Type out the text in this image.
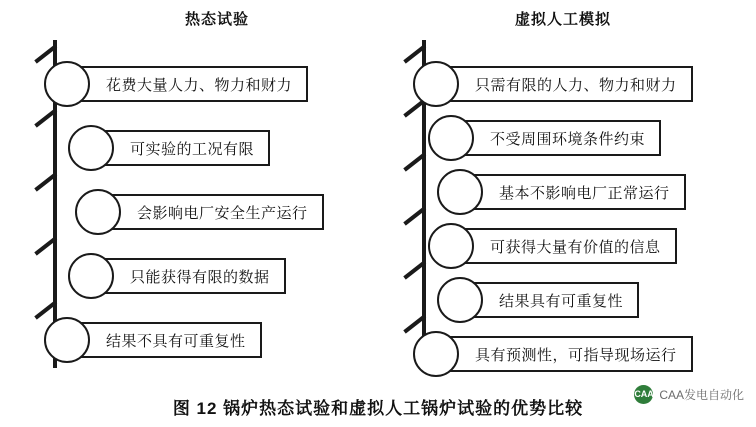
热态试验	虚拟人工模拟
花费大量人力、物力和财力
可实验的工况有限
会影响电厂安全生产运行
只能获得有限的数据
结果不具有可重复性
只需有限的人力、物力和财力
不受周围环境条件约束
基本不影响电厂正常运行
可获得大量有价值的信息
结果具有可重复性
具有预测性，可指导现场运行
图 12 锅炉热态试验和虚拟人工锅炉试验的优势比较
CAA CAA发电自动化
